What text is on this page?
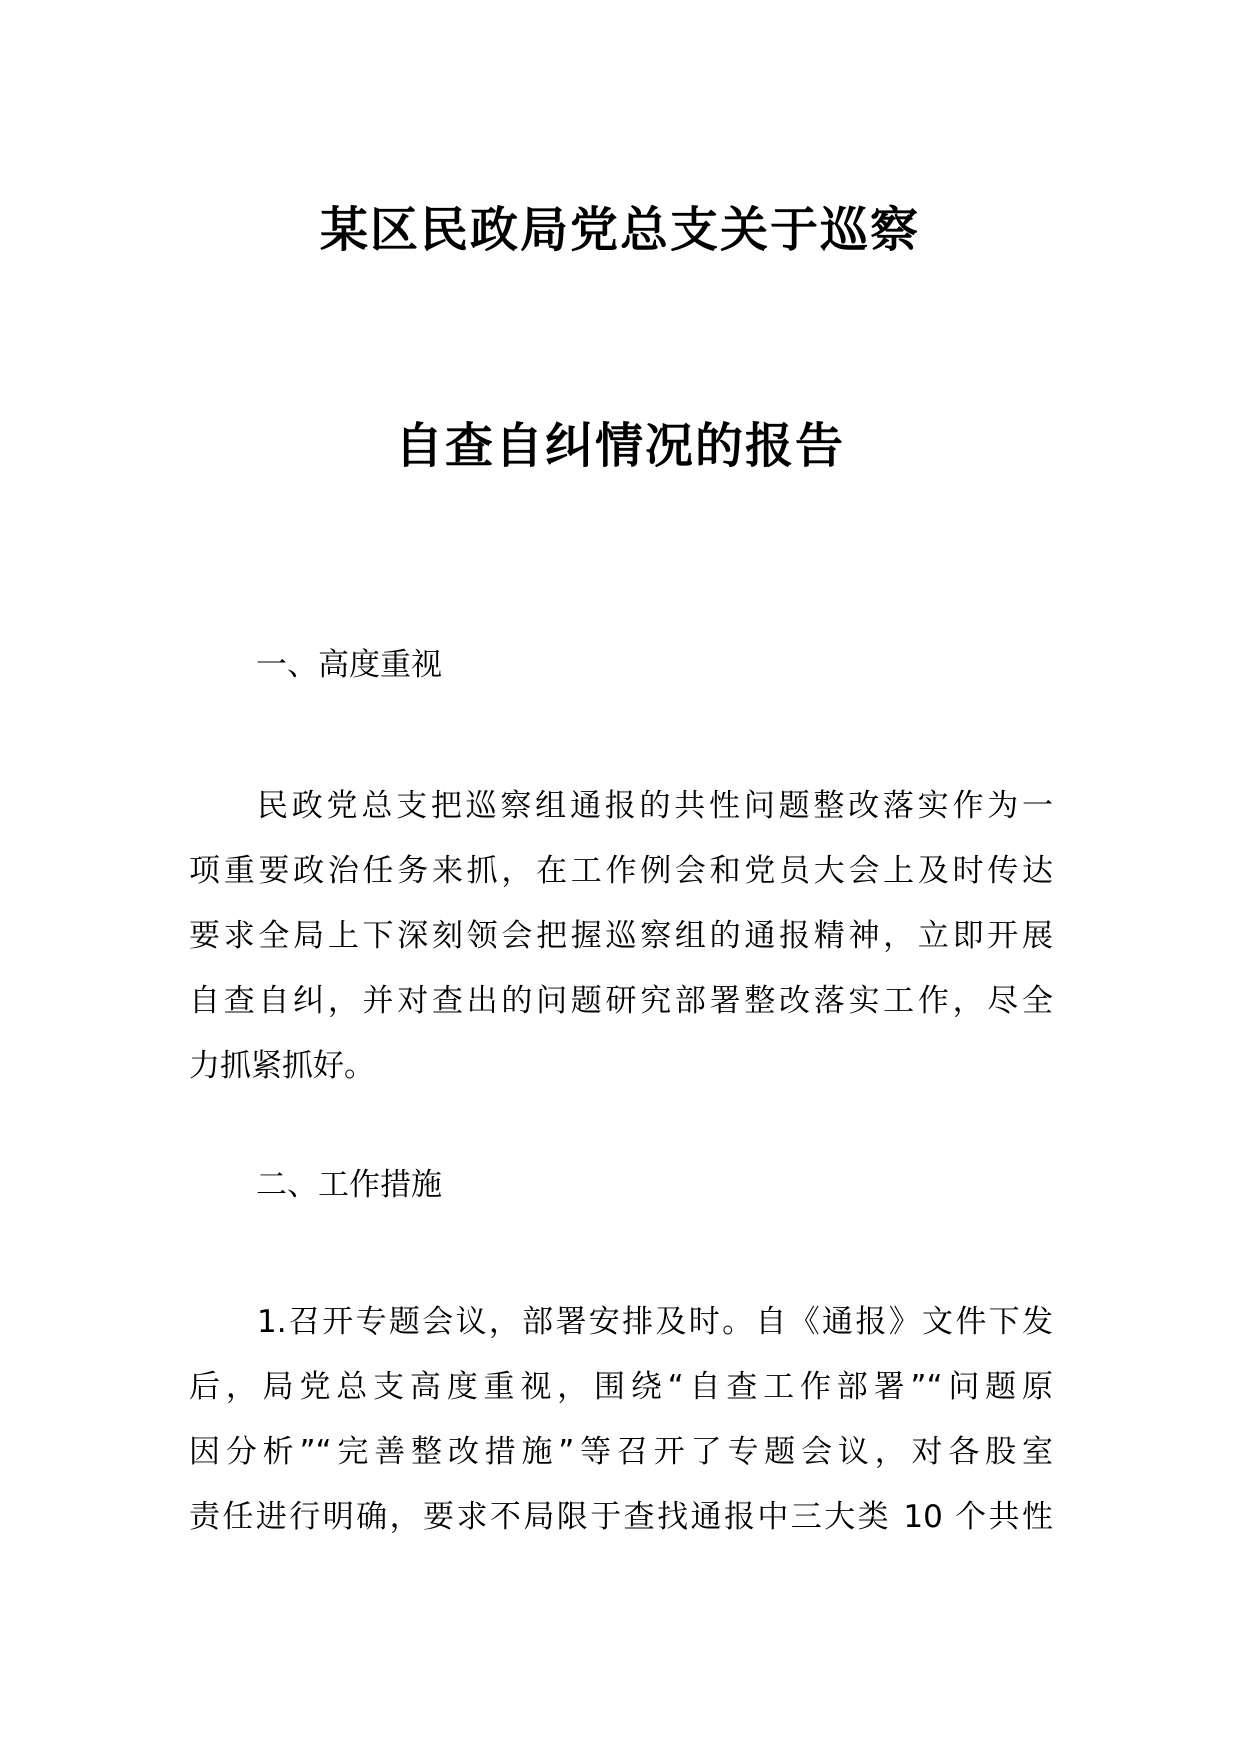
某区民政局党总支关于巡察
自查自纠情况的报告
一、高度重视
民政党总支把巡察组通报的共性问题整改落实作为一
项重要政治任务来抓，在工作例会和党员大会上及时传达
要求全局上下深刻领会把握巡察组的通报精神，立即开展
自查自纠，并对查出的问题研究部署整改落实工作，尽全
力抓紧抓好。
二、工作措施
1.召开专题会议，部署安排及时。自《通报》文件下发
后，局党总支高度重视，围绕“自查工作部署”“问题原
因分析”“完善整改措施”等召开了专题会议，对各股室
责任进行明确，要求不局限于查找通报中三大类 10 个共性
